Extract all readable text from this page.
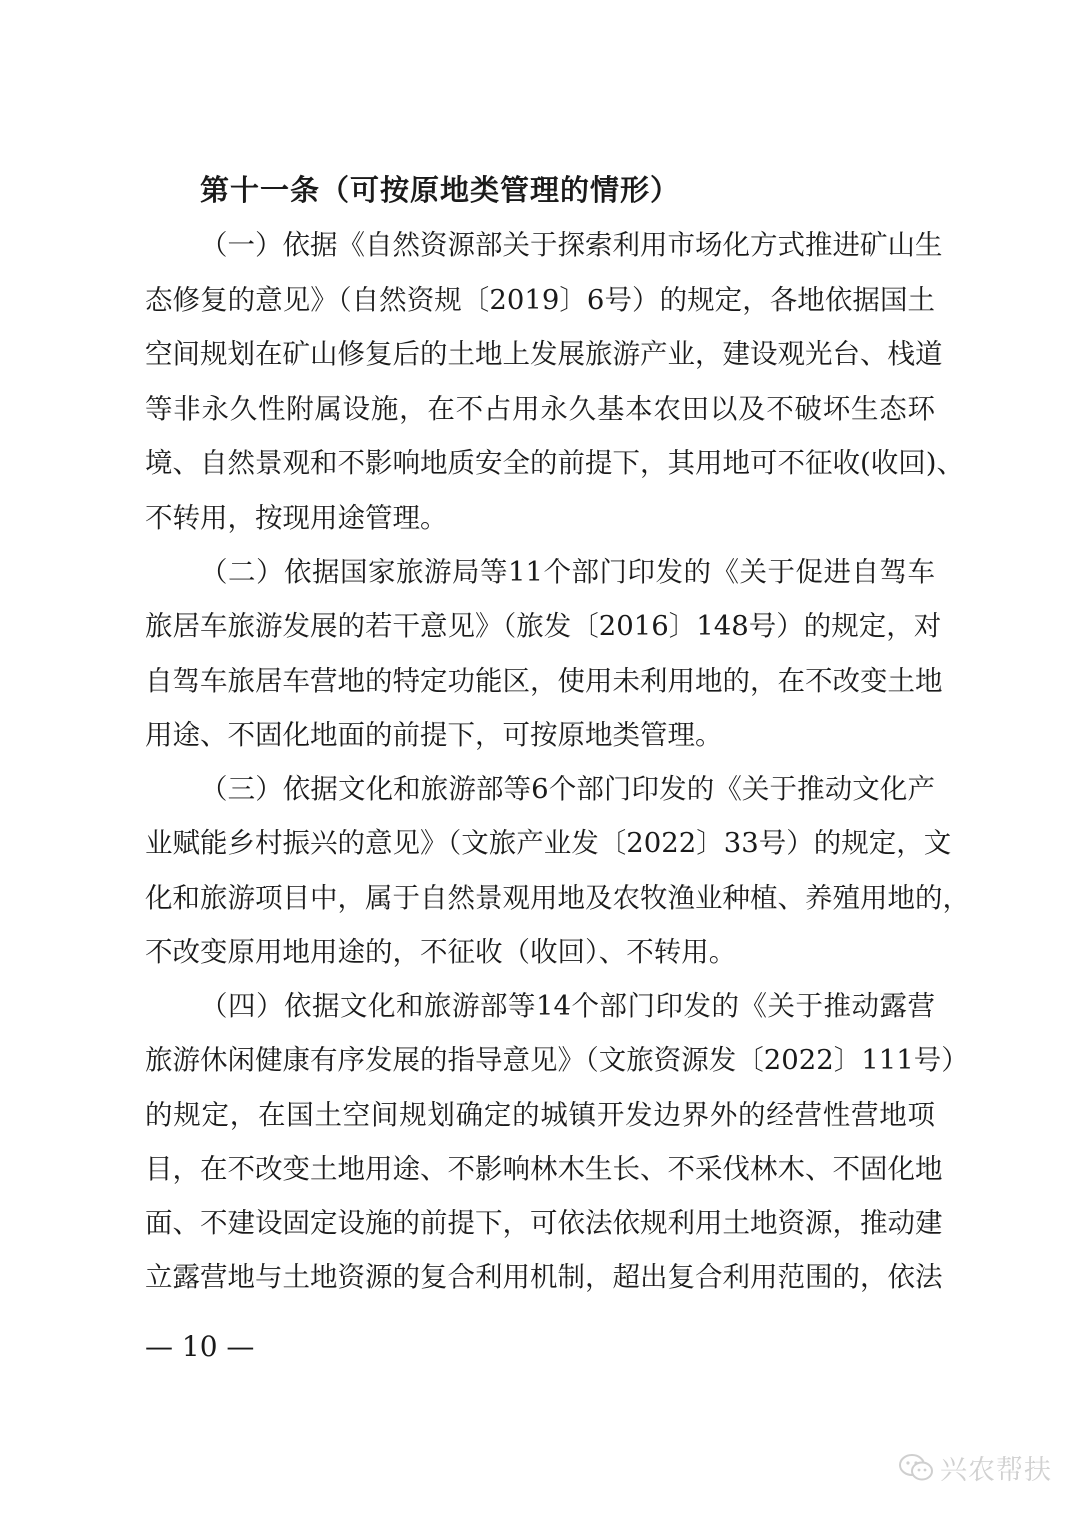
第十一条（可按原地类管理的情形）
（一）依据《自然资源部关于探索利用市场化方式推进矿山生
态修复的意见》（自然资规〔2019〕6号）的规定，各地依据国土
空间规划在矿山修复后的土地上发展旅游产业，建设观光台、栈道
等非永久性附属设施，在不占用永久基本农田以及不破坏生态环
境、自然景观和不影响地质安全的前提下，其用地可不征收(收回)、
不转用，按现用途管理。
（二）依据国家旅游局等11个部门印发的《关于促进自驾车
旅居车旅游发展的若干意见》（旅发〔2016〕148号）的规定，对
自驾车旅居车营地的特定功能区，使用未利用地的，在不改变土地
用途、不固化地面的前提下，可按原地类管理。
（三）依据文化和旅游部等6个部门印发的《关于推动文化产
业赋能乡村振兴的意见》（文旅产业发〔2022〕33号）的规定，文
化和旅游项目中，属于自然景观用地及农牧渔业种植、养殖用地的，
不改变原用地用途的，不征收（收回）、不转用。
（四）依据文化和旅游部等14个部门印发的《关于推动露营
旅游休闲健康有序发展的指导意见》（文旅资源发〔2022〕111号）
的规定，在国土空间规划确定的城镇开发边界外的经营性营地项
目，在不改变土地用途、不影响林木生长、不采伐林木、不固化地
面、不建设固定设施的前提下，可依法依规利用土地资源，推动建
立露营地与土地资源的复合利用机制，超出复合利用范围的，依法
— 10 —
兴农帮扶
